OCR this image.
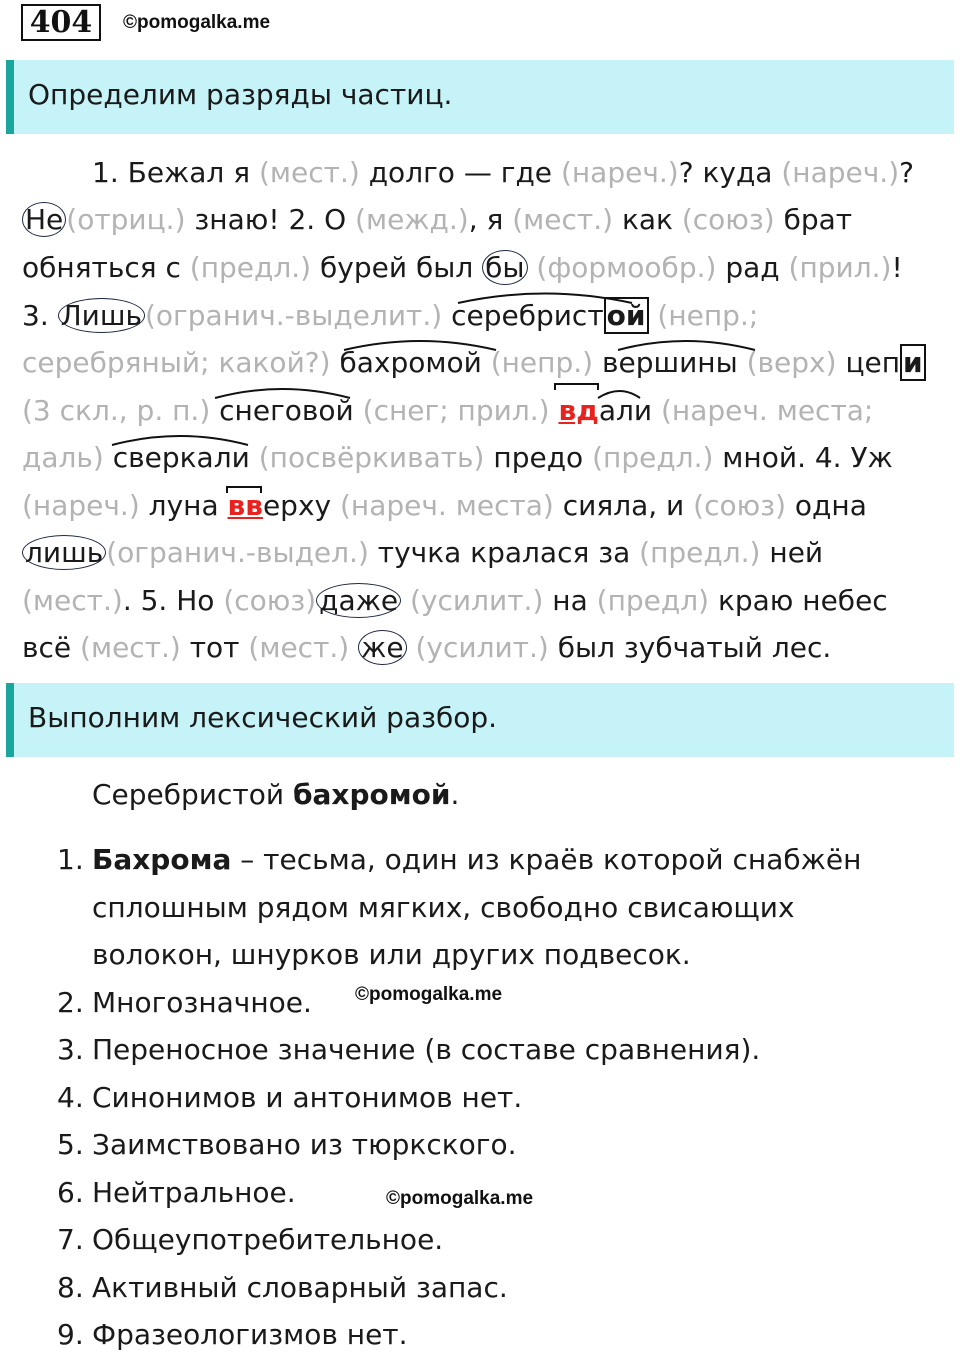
404	©pomogalka.me
Определим разряды частиц.
1. Бежал я (мест.) долго — где (нареч.)? куда (нареч.)?
Не (отриц.) знаю! 2. О (межд.), я (мест.) как (союз) брат
обняться с (предл.) бурей был бы (формообр.) рад (прил.)!
3. Лишь (огранич.-выделит.) серебрист ой (непр.;
серебряный; какой?) бахромой (непр.) вершины (верх) цеп и
(3 скл., р. п.) снеговой (снег; прил.) вдали (нареч. места;
даль) сверкали (посвёркивать) предо (предл.) мной. 4. Уж
(нареч.) луна вверху (нареч. места) сияла, и (союз) одна
лишь (огранич.-выдел.) тучка кралася за (предл.) ней
(мест.). 5. Но (союз) даже (усилит.) на (предл) краю небес
всё (мест.) тот (мест.) же (усилит.) был зубчатый лес.
Выполним лексический разбор.
Серебристой бахромой.
1. Бахрома – тесьма, один из краёв которой снабжён
сплошным рядом мягких, свободно свисающих
волокон, шнурков или других подвесок.
2. Многозначное.
3. Переносное значение (в составе сравнения).
4. Синонимов и антонимов нет.
5. Заимствовано из тюркского.
6. Нейтральное.
7. Общеупотребительное.
8. Активный словарный запас.
9. Фразеологизмов нет.
©pomogalka.me
©pomogalka.me
